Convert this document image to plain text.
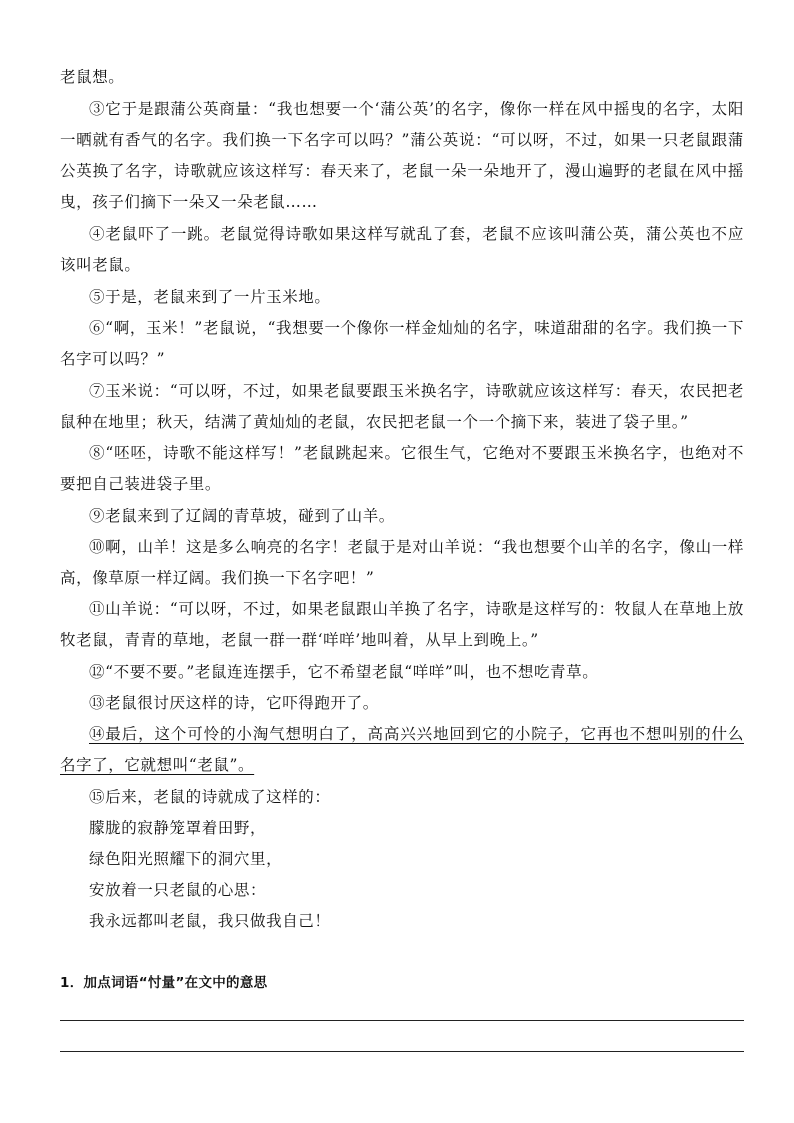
老鼠想。

③它于是跟蒲公英商量：“我也想要一个‘蒲公英’的名字，像你一样在风中摇曳的名字，太阳一晒就有香气的名字。我们换一下名字可以吗？”蒲公英说：“可以呀，不过，如果一只老鼠跟蒲公英换了名字，诗歌就应该这样写：春天来了，老鼠一朵一朵地开了，漫山遍野的老鼠在风中摇曳，孩子们摘下一朵又一朵老鼠……

④老鼠吓了一跳。老鼠觉得诗歌如果这样写就乱了套，老鼠不应该叫蒲公英，蒲公英也不应该叫老鼠。

⑤于是，老鼠来到了一片玉米地。

⑥“啊，玉米！”老鼠说，“我想要一个像你一样金灿灿的名字，味道甜甜的名字。我们换一下名字可以吗？”

⑦玉米说：“可以呀，不过，如果老鼠要跟玉米换名字，诗歌就应该这样写：春天，农民把老鼠种在地里；秋天，结满了黄灿灿的老鼠，农民把老鼠一个一个摘下来，装进了袋子里。”

⑧“呸呸，诗歌不能这样写！”老鼠跳起来。它很生气，它绝对不要跟玉米换名字，也绝对不要把自己装进袋子里。

⑨老鼠来到了辽阔的青草坡，碰到了山羊。

⑩啊，山羊！这是多么响亮的名字！老鼠于是对山羊说：“我也想要个山羊的名字，像山一样高，像草原一样辽阔。我们换一下名字吧！”

⑪山羊说：“可以呀，不过，如果老鼠跟山羊换了名字，诗歌是这样写的：牧鼠人在草地上放牧老鼠，青青的草地，老鼠一群一群‘咩咩’地叫着，从早上到晚上。”

⑫“不要不要。”老鼠连连摆手，它不希望老鼠“咩咩”叫，也不想吃青草。

⑬老鼠很讨厌这样的诗，它吓得跑开了。

⑭最后，这个可怜的小淘气想明白了，高高兴兴地回到它的小院子，它再也不想叫别的什么名字了，它就想叫“老鼠”。

⑮后来，老鼠的诗就成了这样的：

朦胧的寂静笼罩着田野，

绿色阳光照耀下的洞穴里，

安放着一只老鼠的心思：

我永远都叫老鼠，我只做我自己！

1．加点词语“忖量”在文中的意思
